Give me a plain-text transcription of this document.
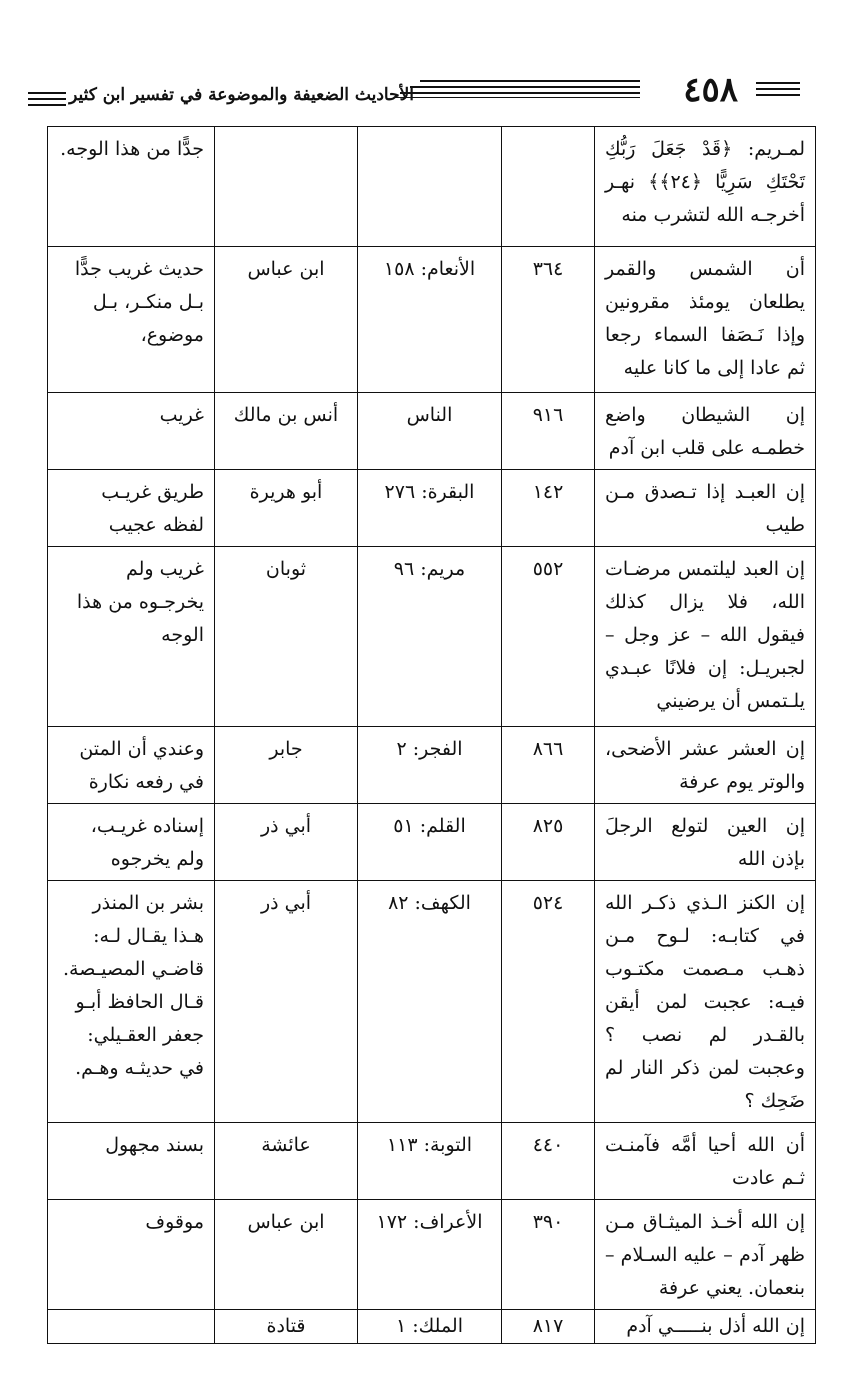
٤٥٨
الأحاديث الضعيفة والموضوعة في تفسير ابن كثير
لمـريم: ﴿قَدْ جَعَلَ رَبُّكِ تَحْتَكِ سَرِيًّا ﴿٢٤﴾﴾ نهـر أخرجـه الله لتشرب منه				جدًّا من هذا الوجه.
أن الشمس والقمر يطلعان يومئذ مقرونين وإذا نَـصَفا السماء رجعا ثم عادا إلى ما كانا عليه	٣٦٤	الأنعام: ١٥٨	ابن عباس	حديث غريب جدًّا بـل منكـر، بـل موضوع،
إن الشيطان واضع خطمـه على قلب ابن آدم	٩١٦	الناس	أنس بن مالك	غريب
إن العبـد إذا تـصدق مـن طيب	١٤٢	البقرة: ٢٧٦	أبو هريرة	طريق غريـب لفظه عجيب
إن العبد ليلتمس مرضـات الله، فلا يزال كذلك فيقول الله – عز وجل – لجبريـل: إن فلانًا عبـدي يلـتمس أن يرضيني	٥٥٢	مريم: ٩٦	ثوبان	غريب ولم يخرجـوه من هذا الوجه
إن العشر عشر الأضحى، والوتر يوم عرفة	٨٦٦	الفجر: ٢	جابر	وعندي أن المتن في رفعه نكارة
إن العين لتولع الرجلَ بإذن الله	٨٢٥	القلم: ٥١	أبي ذر	إسناده غريـب، ولم يخرجوه
إن الكنز الـذي ذكـر الله في كتابـه: لـوح مـن ذهـب مـصمت مكتـوب فيـه: عجبت لمن أيقن بالقـدر لم نصب ؟ وعجبت لمن ذكر النار لم ضَحِك ؟	٥٢٤	الكهف: ٨٢	أبي ذر	بشر بن المنذر هـذا يقـال لـه: قاضـي المصيـصة. قـال الحافظ أبـو جعفر العقـيلي: في حديثـه وهـم.
أن الله أحيا أمَّه فآمنـت ثـم عادت	٤٤٠	التوبة: ١١٣	عائشة	بسند مجهول
إن الله أخـذ الميثـاق مـن ظهر آدم – عليه السـلام – بنعمان. يعني عرفة	٣٩٠	الأعراف: ١٧٢	ابن عباس	موقوف
إن الله أذل بنـــــي آدم	٨١٧	الملك: ١	قتادة	
